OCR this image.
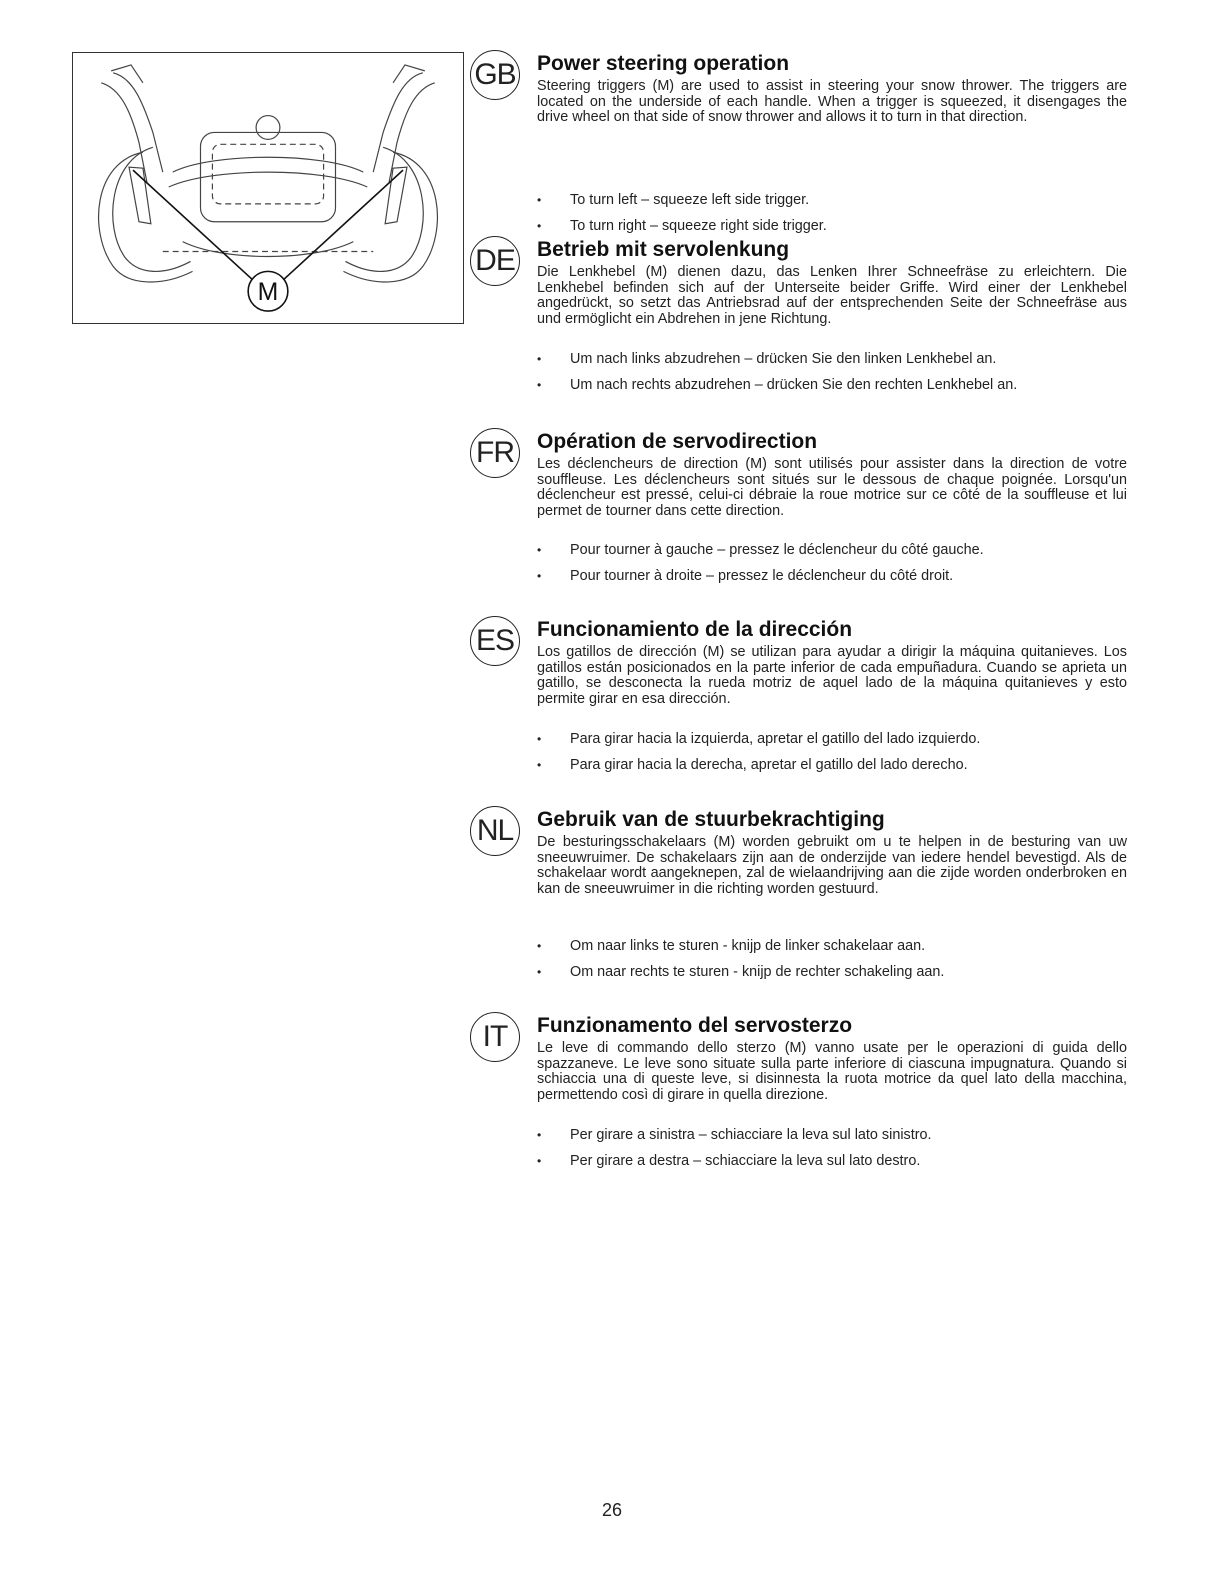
M
GB Power steering operation

Steering triggers (M) are used to assist in steering your snow thrower. The triggers are located on the underside of each handle. When a trigger is squeezed, it disengages the drive wheel on that side of snow thrower and allows it to turn in that direction.

• To turn left – squeeze left side trigger.
• To turn right – squeeze right side trigger.
DE Betrieb mit servolenkung

Die Lenkhebel (M) dienen dazu, das Lenken Ihrer Schneefräse zu erleichtern. Die Lenkhebel befinden sich auf der Unterseite beider Griffe. Wird einer der Lenkhebel angedrückt, so setzt das Antriebsrad auf der entsprechenden Seite der Schneefräse aus und ermöglicht ein Abdrehen in jene Richtung.

• Um nach links abzudrehen – drücken Sie den linken Lenkhebel an.
• Um nach rechts abzudrehen – drücken Sie den rechten Lenkhebel an.
FR Opération de servodirection

Les déclencheurs de direction (M) sont utilisés pour assister dans la direction de votre souffleuse. Les déclencheurs sont situés sur le dessous de chaque poignée. Lorsqu'un déclencheur est pressé, celui-ci débraie la roue motrice sur ce côté de la souffleuse et lui permet de tourner dans cette direction.

• Pour tourner à gauche – pressez le déclencheur du côté gauche.
• Pour tourner à droite – pressez le déclencheur du côté droit.
ES Funcionamiento de la dirección

Los gatillos de dirección (M) se utilizan para ayudar a dirigir la máquina quitanieves. Los gatillos están posicionados en la parte inferior de cada empuñadura. Cuando se aprieta un gatillo, se desconecta la rueda motriz de aquel lado de la máquina quitanieves y esto permite girar en esa dirección.

• Para girar hacia la izquierda, apretar el gatillo del lado izquierdo.
• Para girar hacia la derecha, apretar el gatillo del lado derecho.
NL	Gebruik van de stuurbekrachtiging

De besturingsschakelaars (M) worden gebruikt om u te helpen in de besturing van uw sneeuwruimer. De schakelaars zijn aan de onderzijde van iedere hendel bevestigd. Als de schakelaar wordt aangeknepen, zal de wielaandrijving aan die zijde worden onderbroken en kan de sneeuwruimer in die richting worden gestuurd.

• Om naar links te sturen - knijp de linker schakelaar aan.
• Om naar rechts te sturen - knijp de rechter schakeling aan.
IT	Funzionamento del servosterzo

Le leve di commando dello sterzo (M) vanno usate per le operazioni di guida dello spazzaneve. Le leve sono situate sulla parte inferiore di ciascuna impugnatura. Quando si schiaccia una di queste leve, si disinnesta la ruota motrice da quel lato della macchina, permettendo così di girare in quella direzione.

• Per girare a sinistra – schiacciare la leva sul lato sinistro.
• Per girare a destra – schiacciare la leva sul lato destro.
26
